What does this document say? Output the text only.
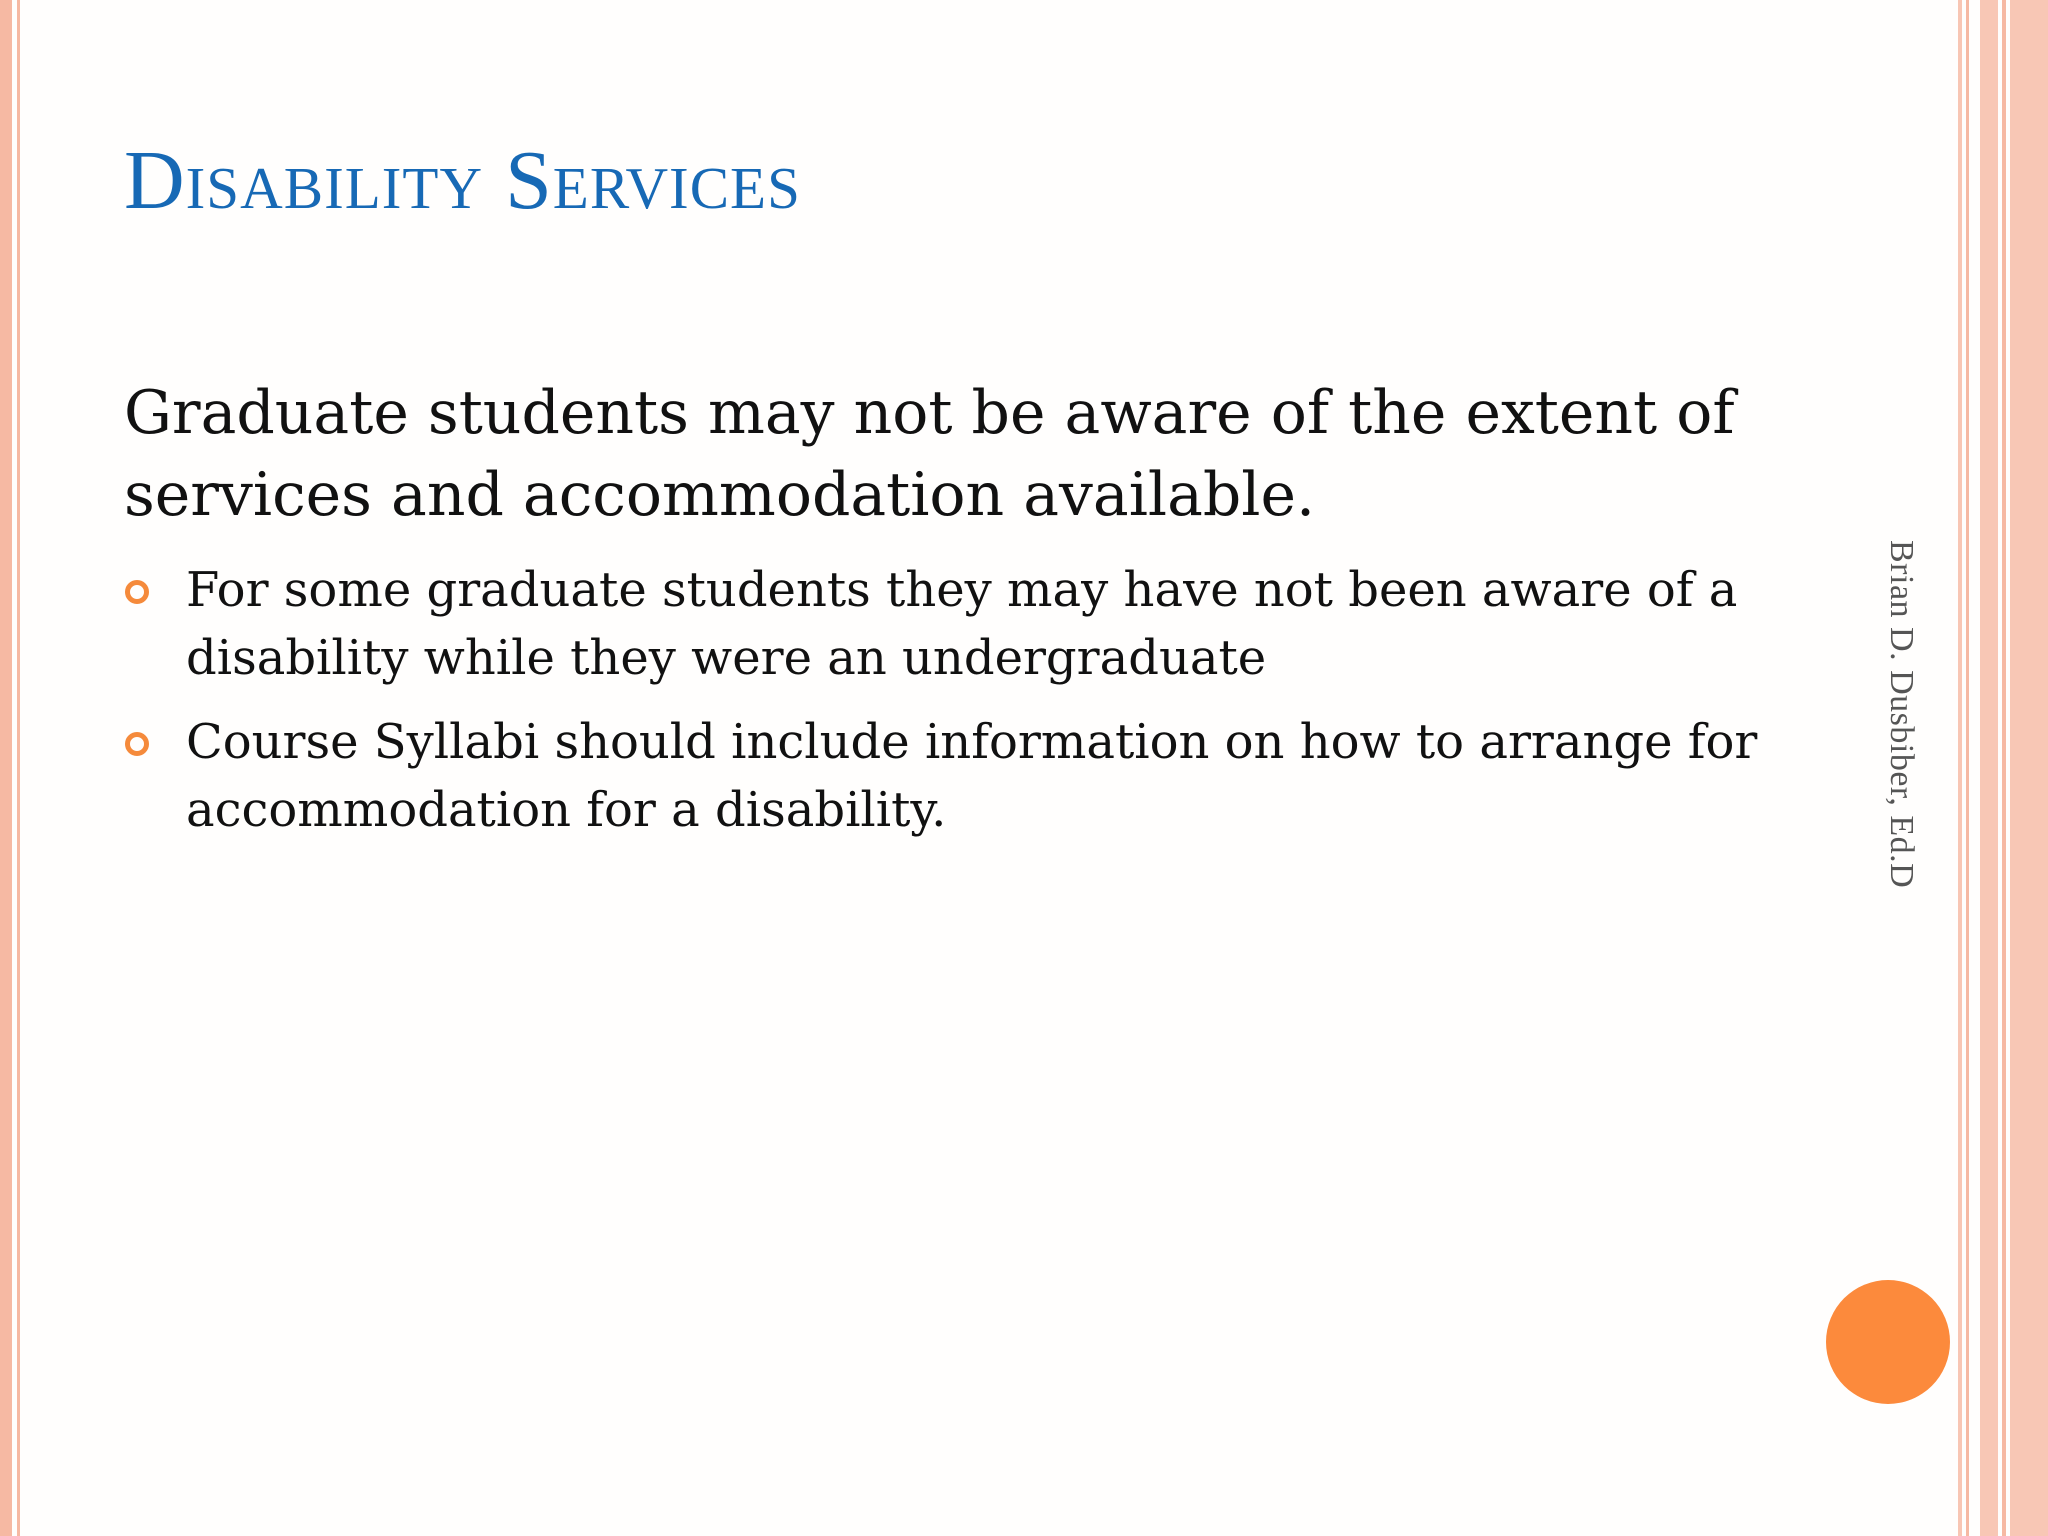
Disability Services

Graduate students may not be aware of the extent of services and accommodation available.

For some graduate students they may have not been aware of a disability while they were an undergraduate
Course Syllabi should include information on how to arrange for accommodation for a disability.	Brian D. Dusbiber, Ed.D
